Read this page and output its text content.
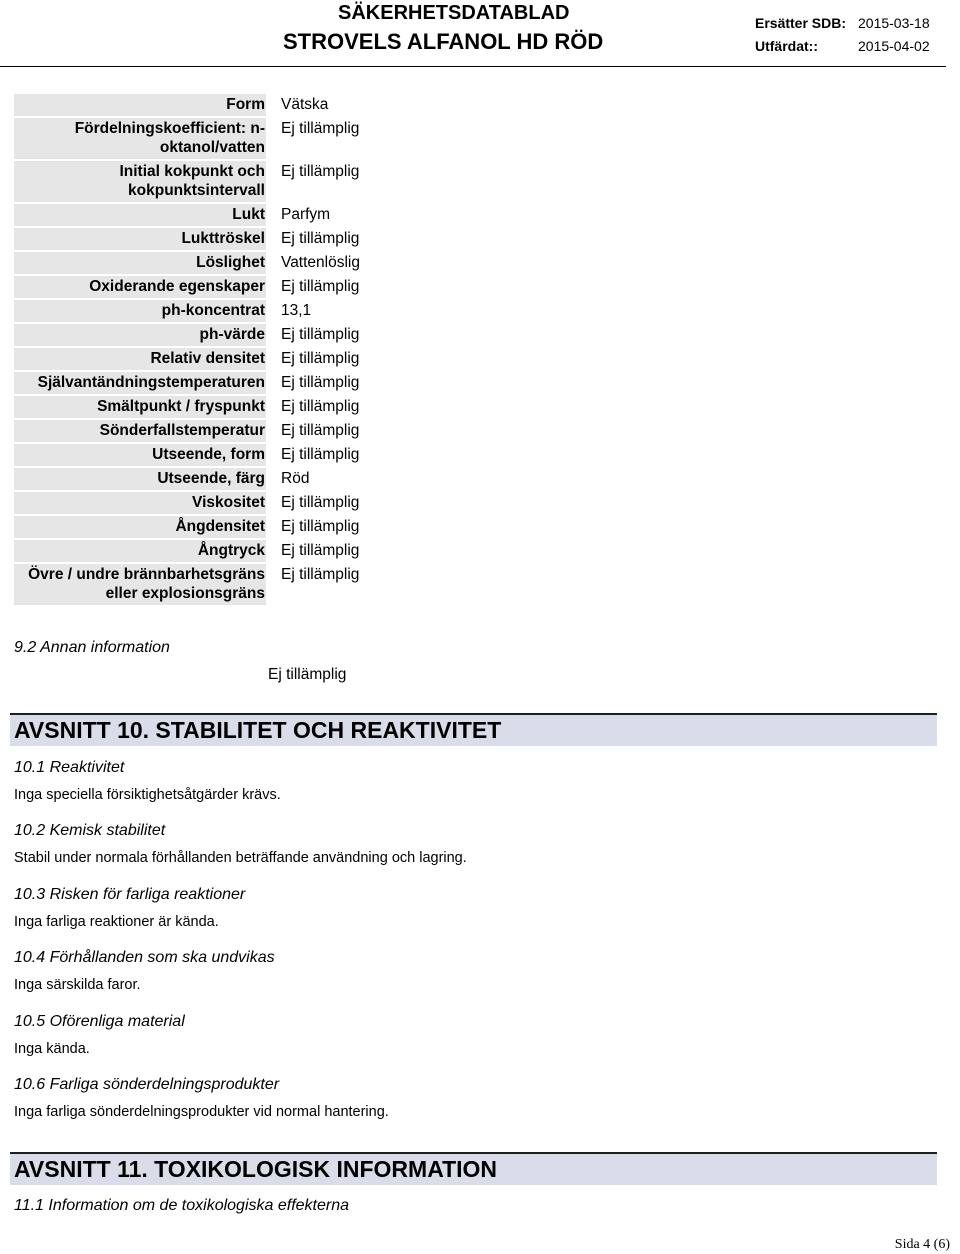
SÄKERHETSDATABLAD
STROVELS ALFANOL HD RÖD
Ersätter SDB: 2015-03-18
Utfärdat::	2015-04-02
Form Vätska
Fördelningskoefficient: n-oktanol/vatten
Ej tillämplig
Initial kokpunkt och kokpunktsintervall
Ej tillämplig
Lukt Parfym
Lukttröskel Ej tillämplig
Löslighet Vattenlöslig
Oxiderande egenskaper Ej tillämplig
ph-koncentrat 13,1
ph-värde Ej tillämplig
Relativ densitet Ej tillämplig
Självantändningstemperaturen Ej tillämplig
Smältpunkt / fryspunkt Ej tillämplig
Sönderfallstemperatur Ej tillämplig
Utseende, form Ej tillämplig
Utseende, färg Röd
Viskositet Ej tillämplig
Ångdensitet Ej tillämplig
Ångtryck Ej tillämplig
Övre / undre brännbarhetsgräns eller explosionsgräns
Ej tillämplig
9.2 Annan information
Ej tillämplig
AVSNITT 10. STABILITET OCH REAKTIVITET
10.1 Reaktivitet
Inga speciella försiktighetsåtgärder krävs.
10.2 Kemisk stabilitet
Stabil under normala förhållanden beträffande användning och lagring.
10.3 Risken för farliga reaktioner
Inga farliga reaktioner är kända.
10.4 Förhållanden som ska undvikas
Inga särskilda faror.
10.5 Oförenliga material
Inga kända.
10.6 Farliga sönderdelningsprodukter
Inga farliga sönderdelningsprodukter vid normal hantering.
AVSNITT 11. TOXIKOLOGISK INFORMATION
11.1 Information om de toxikologiska effekterna
Sida 4 (6)
